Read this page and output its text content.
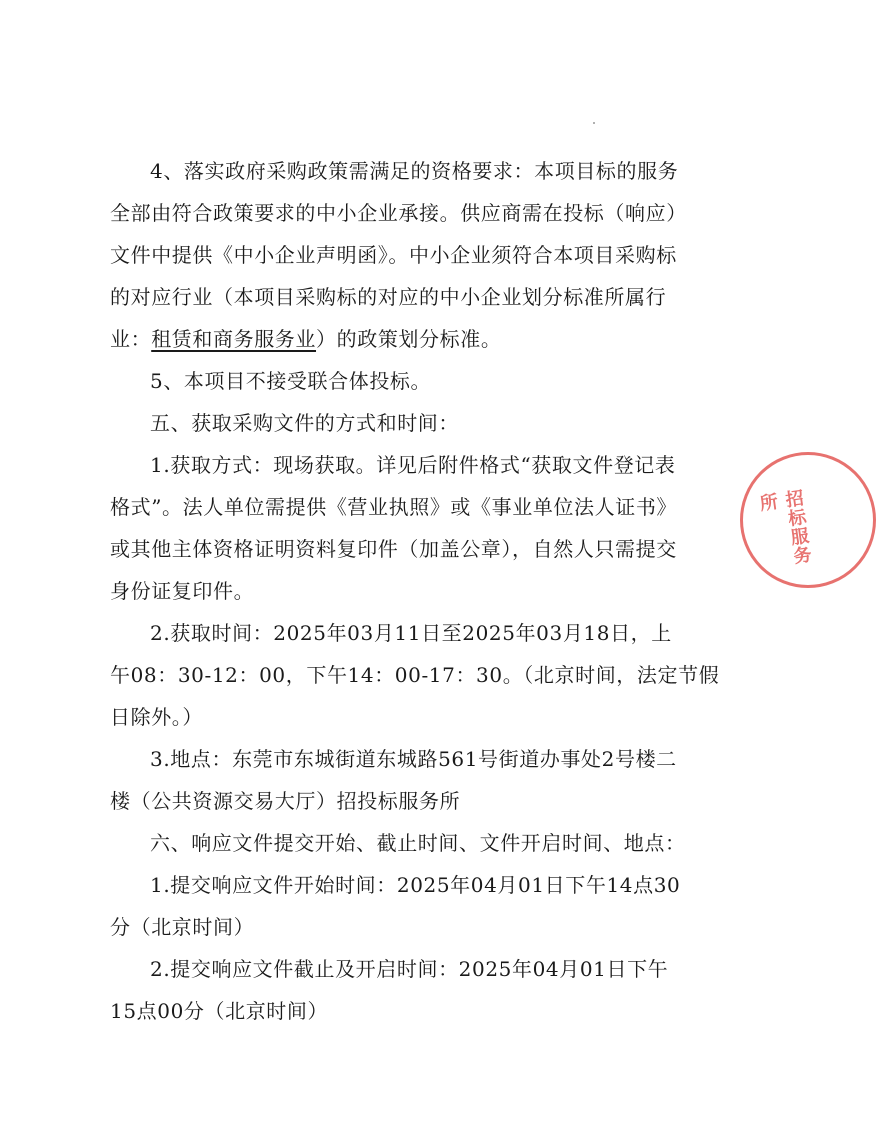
4、落实政府采购政策需满足的资格要求：本项目标的服务
全部由符合政策要求的中小企业承接。供应商需在投标（响应）
文件中提供《中小企业声明函》。中小企业须符合本项目采购标
的对应行业（本项目采购标的对应的中小企业划分标准所属行
业：租赁和商务服务业）的政策划分标准。
5、本项目不接受联合体投标。
五、获取采购文件的方式和时间：
1.获取方式：现场获取。详见后附件格式“获取文件登记表
格式”。法人单位需提供《营业执照》或《事业单位法人证书》
或其他主体资格证明资料复印件（加盖公章），自然人只需提交
身份证复印件。
2.获取时间：2025年03月11日至2025年03月18日，上
午08：30-12：00，下午14：00-17：30。（北京时间，法定节假
日除外。）
3.地点：东莞市东城街道东城路561号街道办事处2号楼二
楼（公共资源交易大厅）招投标服务所
六、响应文件提交开始、截止时间、文件开启时间、地点：
1.提交响应文件开始时间：2025年04月01日下午14点30
分（北京时间）
2.提交响应文件截止及开启时间：2025年04月01日下午
15点00分（北京时间）
招标服务所
